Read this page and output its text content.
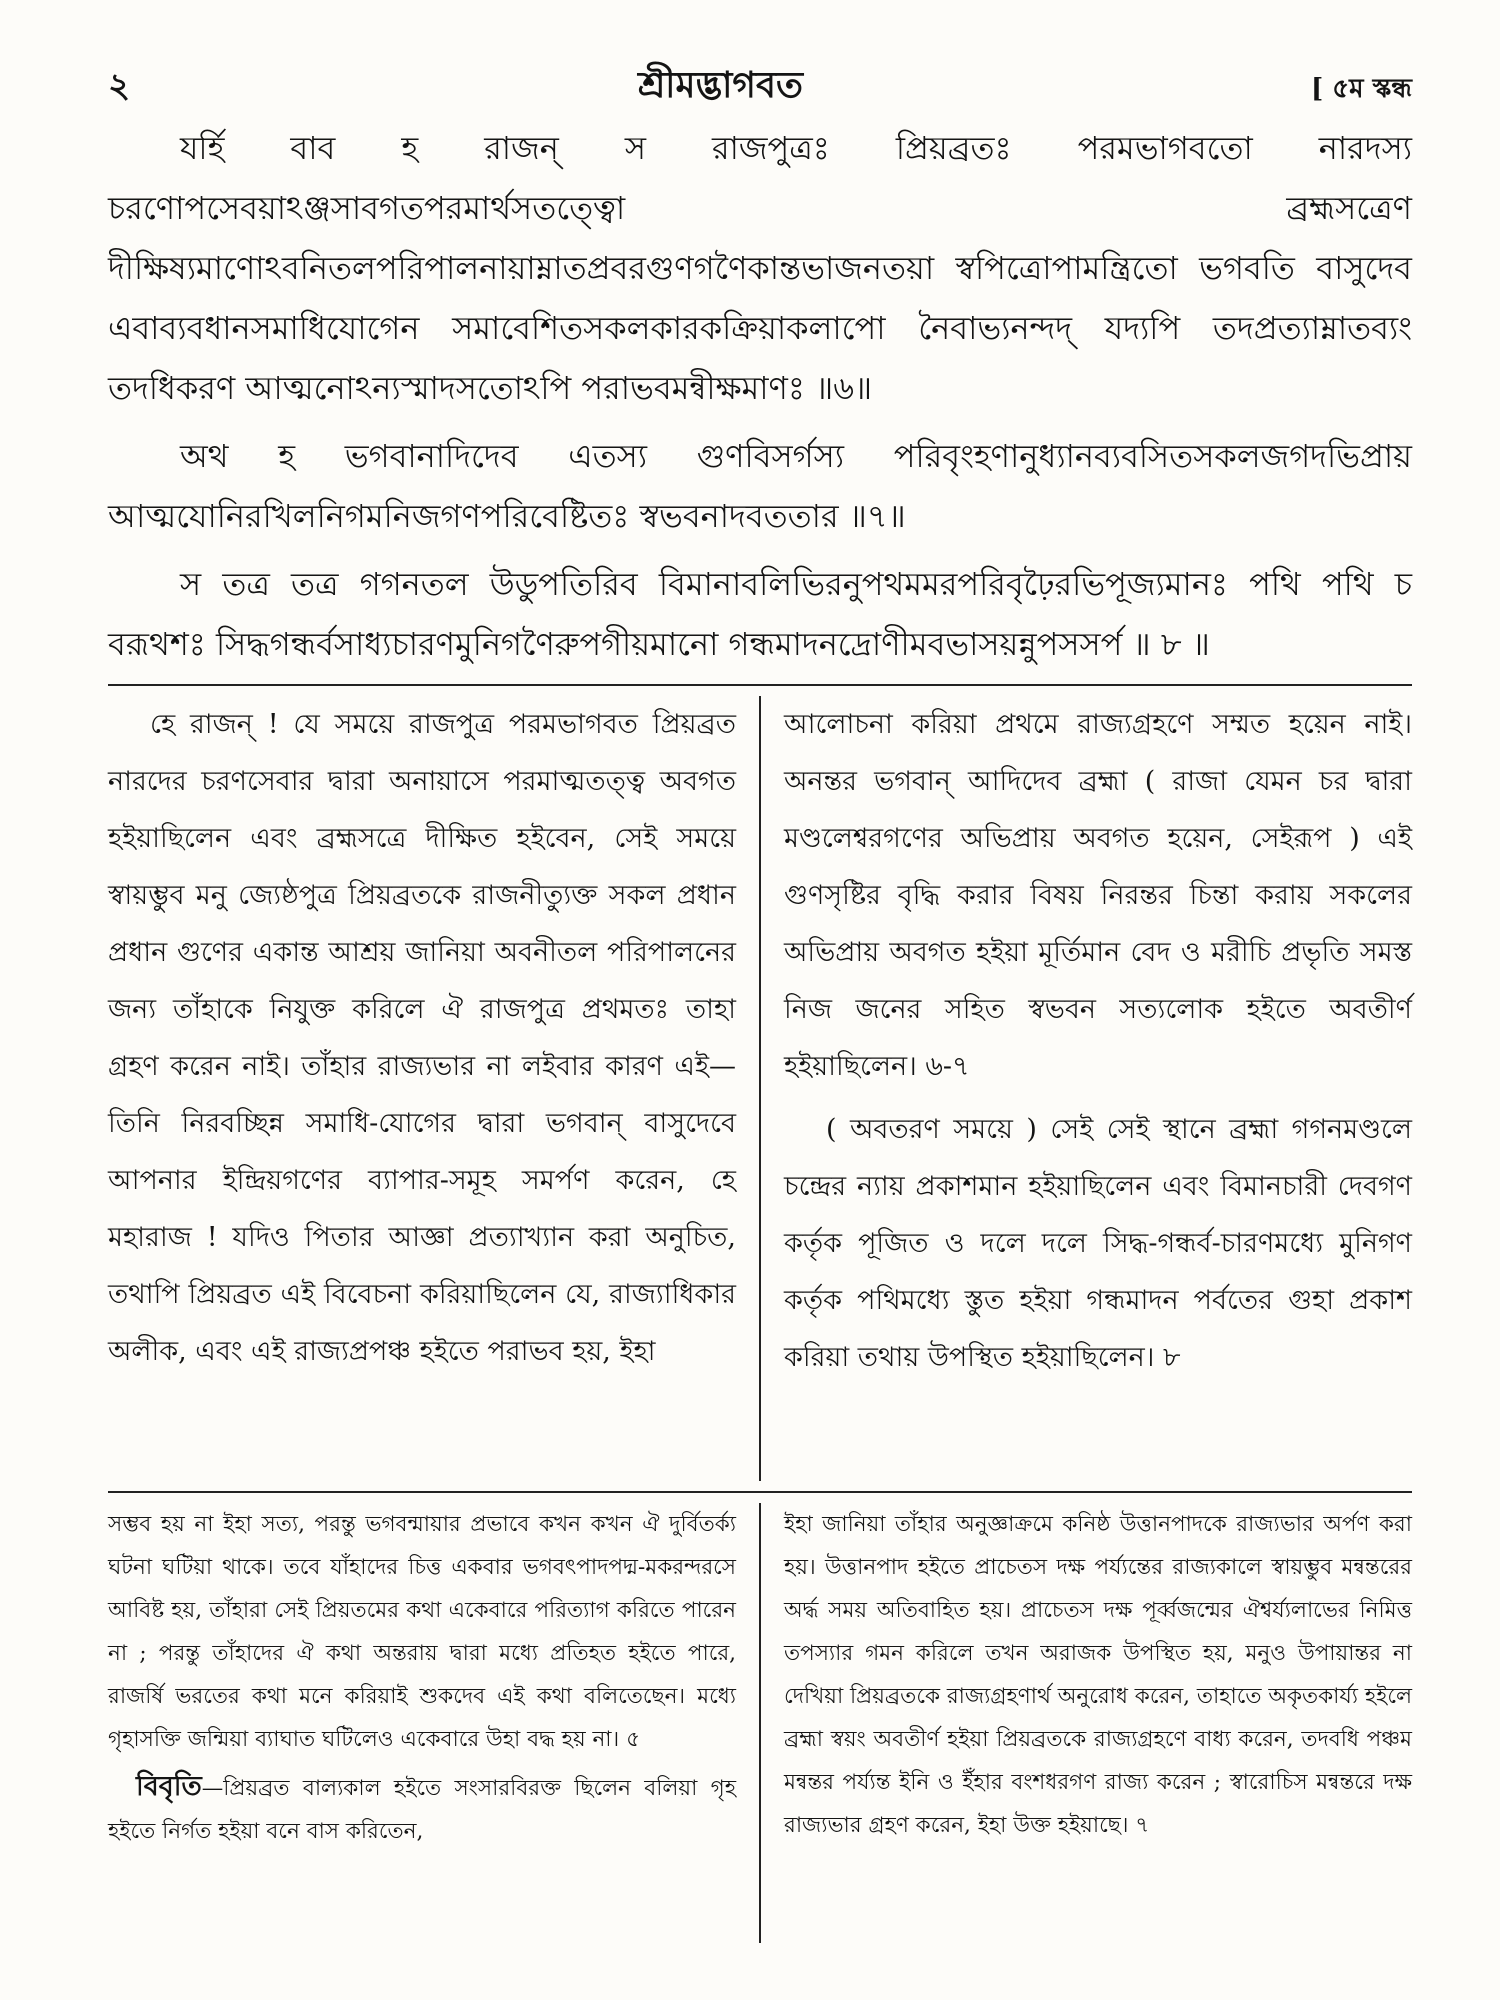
২	শ্রীমদ্ভাগবত	[ ৫ম স্কন্ধ

যর্হি বাব হ রাজন্ স রাজপুত্রঃ প্রিয়ব্রতঃ পরমভাগবতো নারদস্য চরণোপসেবয়াঽঞ্জসাবগতপরমার্থসতত্ত্বো ব্রহ্মসত্রেণ দীক্ষিষ্যমাণোঽবনিতলপরিপালনায়াম্নাতপ্রবরগুণগণৈকান্তভাজনতয়া স্বপিত্রোপামন্ত্রিতো ভগবতি বাসুদেব এবাব্যবধানসমাধিযোগেন সমাবেশিতসকলকারকক্রিয়াকলাপো নৈবাভ্যনন্দদ্ যদ্যপি তদপ্রত্যাম্নাতব্যং তদধিকরণ আত্মনোঽন্যস্মাদসতোঽপি পরাভবমন্বীক্ষমাণঃ ॥৬॥

অথ হ ভগবানাদিদেব এতস্য গুণবিসর্গস্য পরিবৃংহণানুধ্যানব্যবসিতসকলজগদভিপ্রায় আত্মযোনিরখিলনিগমনিজগণপরিবেষ্টিতঃ স্বভবনাদবততার ॥৭॥

স তত্র তত্র গগনতল উডুপতিরিব বিমানাবলিভিরনুপথমমরপরিবৃঢ়ৈরভিপূজ্যমানঃ পথি পথি চ বরূথশঃ সিদ্ধগন্ধর্বসাধ্যচারণমুনিগণৈরুপগীয়মানো গন্ধমাদনদ্রোণীমবভাসয়ন্নুপসসর্প ॥ ৮ ॥

হে রাজন্ ! যে সময়ে রাজপুত্র পরমভাগবত প্রিয়ব্রত নারদের চরণসেবার দ্বারা অনায়াসে পরমাত্মতত্ত্ব অবগত হইয়াছিলেন এবং ব্রহ্মসত্রে দীক্ষিত হইবেন, সেই সময়ে স্বায়ম্ভুব মনু জ্যেষ্ঠপুত্র প্রিয়ব্রতকে রাজনীত্যুক্ত সকল প্রধান প্রধান গুণের একান্ত আশ্রয় জানিয়া অবনীতল পরিপালনের জন্য তাঁহাকে নিযুক্ত করিলে ঐ রাজপুত্র প্রথমতঃ তাহা গ্রহণ করেন নাই। তাঁহার রাজ্যভার না লইবার কারণ এই—তিনি নিরবচ্ছিন্ন সমাধি-যোগের দ্বারা ভগবান্ বাসুদেবে আপনার ইন্দ্রিয়গণের ব্যাপার-সমূহ সমর্পণ করেন, হে মহারাজ ! যদিও পিতার আজ্ঞা প্রত্যাখ্যান করা অনুচিত, তথাপি প্রিয়ব্রত এই বিবেচনা করিয়াছিলেন যে, রাজ্যাধিকার অলীক, এবং এই রাজ্যপ্রপঞ্চ হইতে পরাভব হয়, ইহা

আলোচনা করিয়া প্রথমে রাজ্যগ্রহণে সম্মত হয়েন নাই। অনন্তর ভগবান্ আদিদেব ব্রহ্মা ( রাজা যেমন চর দ্বারা মণ্ডলেশ্বরগণের অভিপ্রায় অবগত হয়েন, সেইরূপ ) এই গুণসৃষ্টির বৃদ্ধি করার বিষয় নিরন্তর চিন্তা করায় সকলের অভিপ্রায় অবগত হইয়া মূর্তিমান বেদ ও মরীচি প্রভৃতি সমস্ত নিজ জনের সহিত স্বভবন সত্যলোক হইতে অবতীর্ণ হইয়াছিলেন। ৬-৭

( অবতরণ সময়ে ) সেই সেই স্থানে ব্রহ্মা গগনমণ্ডলে চন্দ্রের ন্যায় প্রকাশমান হইয়াছিলেন এবং বিমানচারী দেবগণ কর্তৃক পূজিত ও দলে দলে সিদ্ধ-গন্ধর্ব-চারণমধ্যে মুনিগণ কর্তৃক পথিমধ্যে স্তুত হইয়া গন্ধমাদন পর্বতের গুহা প্রকাশ করিয়া তথায় উপস্থিত হইয়াছিলেন। ৮

সম্ভব হয় না ইহা সত্য, পরন্তু ভগবন্মায়ার প্রভাবে কখন কখন ঐ দুর্বিতর্ক্য ঘটনা ঘটিয়া থাকে। তবে যাঁহাদের চিত্ত একবার ভগবৎপাদপদ্ম-মকরন্দরসে আবিষ্ট হয়, তাঁহারা সেই প্রিয়তমের কথা একেবারে পরিত্যাগ করিতে পারেন না ; পরন্তু তাঁহাদের ঐ কথা অন্তরায় দ্বারা মধ্যে প্রতিহত হইতে পারে, রাজর্ষি ভরতের কথা মনে করিয়াই শুকদেব এই কথা বলিতেছেন। মধ্যে গৃহাসক্তি জন্মিয়া ব্যাঘাত ঘটিলেও একেবারে উহা বদ্ধ হয় না। ৫

বিবৃতি—প্রিয়ব্রত বাল্যকাল হইতে সংসারবিরক্ত ছিলেন বলিয়া গৃহ হইতে নির্গত হইয়া বনে বাস করিতেন,

ইহা জানিয়া তাঁহার অনুজ্ঞাক্রমে কনিষ্ঠ উত্তানপাদকে রাজ্যভার অর্পণ করা হয়। উত্তানপাদ হইতে প্রাচেতস দক্ষ পর্য্যন্তের রাজ্যকালে স্বায়ম্ভুব মন্বন্তরের অর্দ্ধ সময় অতিবাহিত হয়। প্রাচেতস দক্ষ পূর্ব্বজন্মের ঐশ্বর্য্যলাভের নিমিত্ত তপস্যার গমন করিলে তখন অরাজক উপস্থিত হয়, মনুও উপায়ান্তর না দেখিয়া প্রিয়ব্রতকে রাজ্যগ্রহণার্থ অনুরোধ করেন, তাহাতে অকৃতকার্য্য হইলে ব্রহ্মা স্বয়ং অবতীর্ণ হইয়া প্রিয়ব্রতকে রাজ্যগ্রহণে বাধ্য করেন, তদবধি পঞ্চম মন্বন্তর পর্য্যন্ত ইনি ও ইঁহার বংশধরগণ রাজ্য করেন ; স্বারোচিস মন্বন্তরে দক্ষ রাজ্যভার গ্রহণ করেন, ইহা উক্ত হইয়াছে। ৭
